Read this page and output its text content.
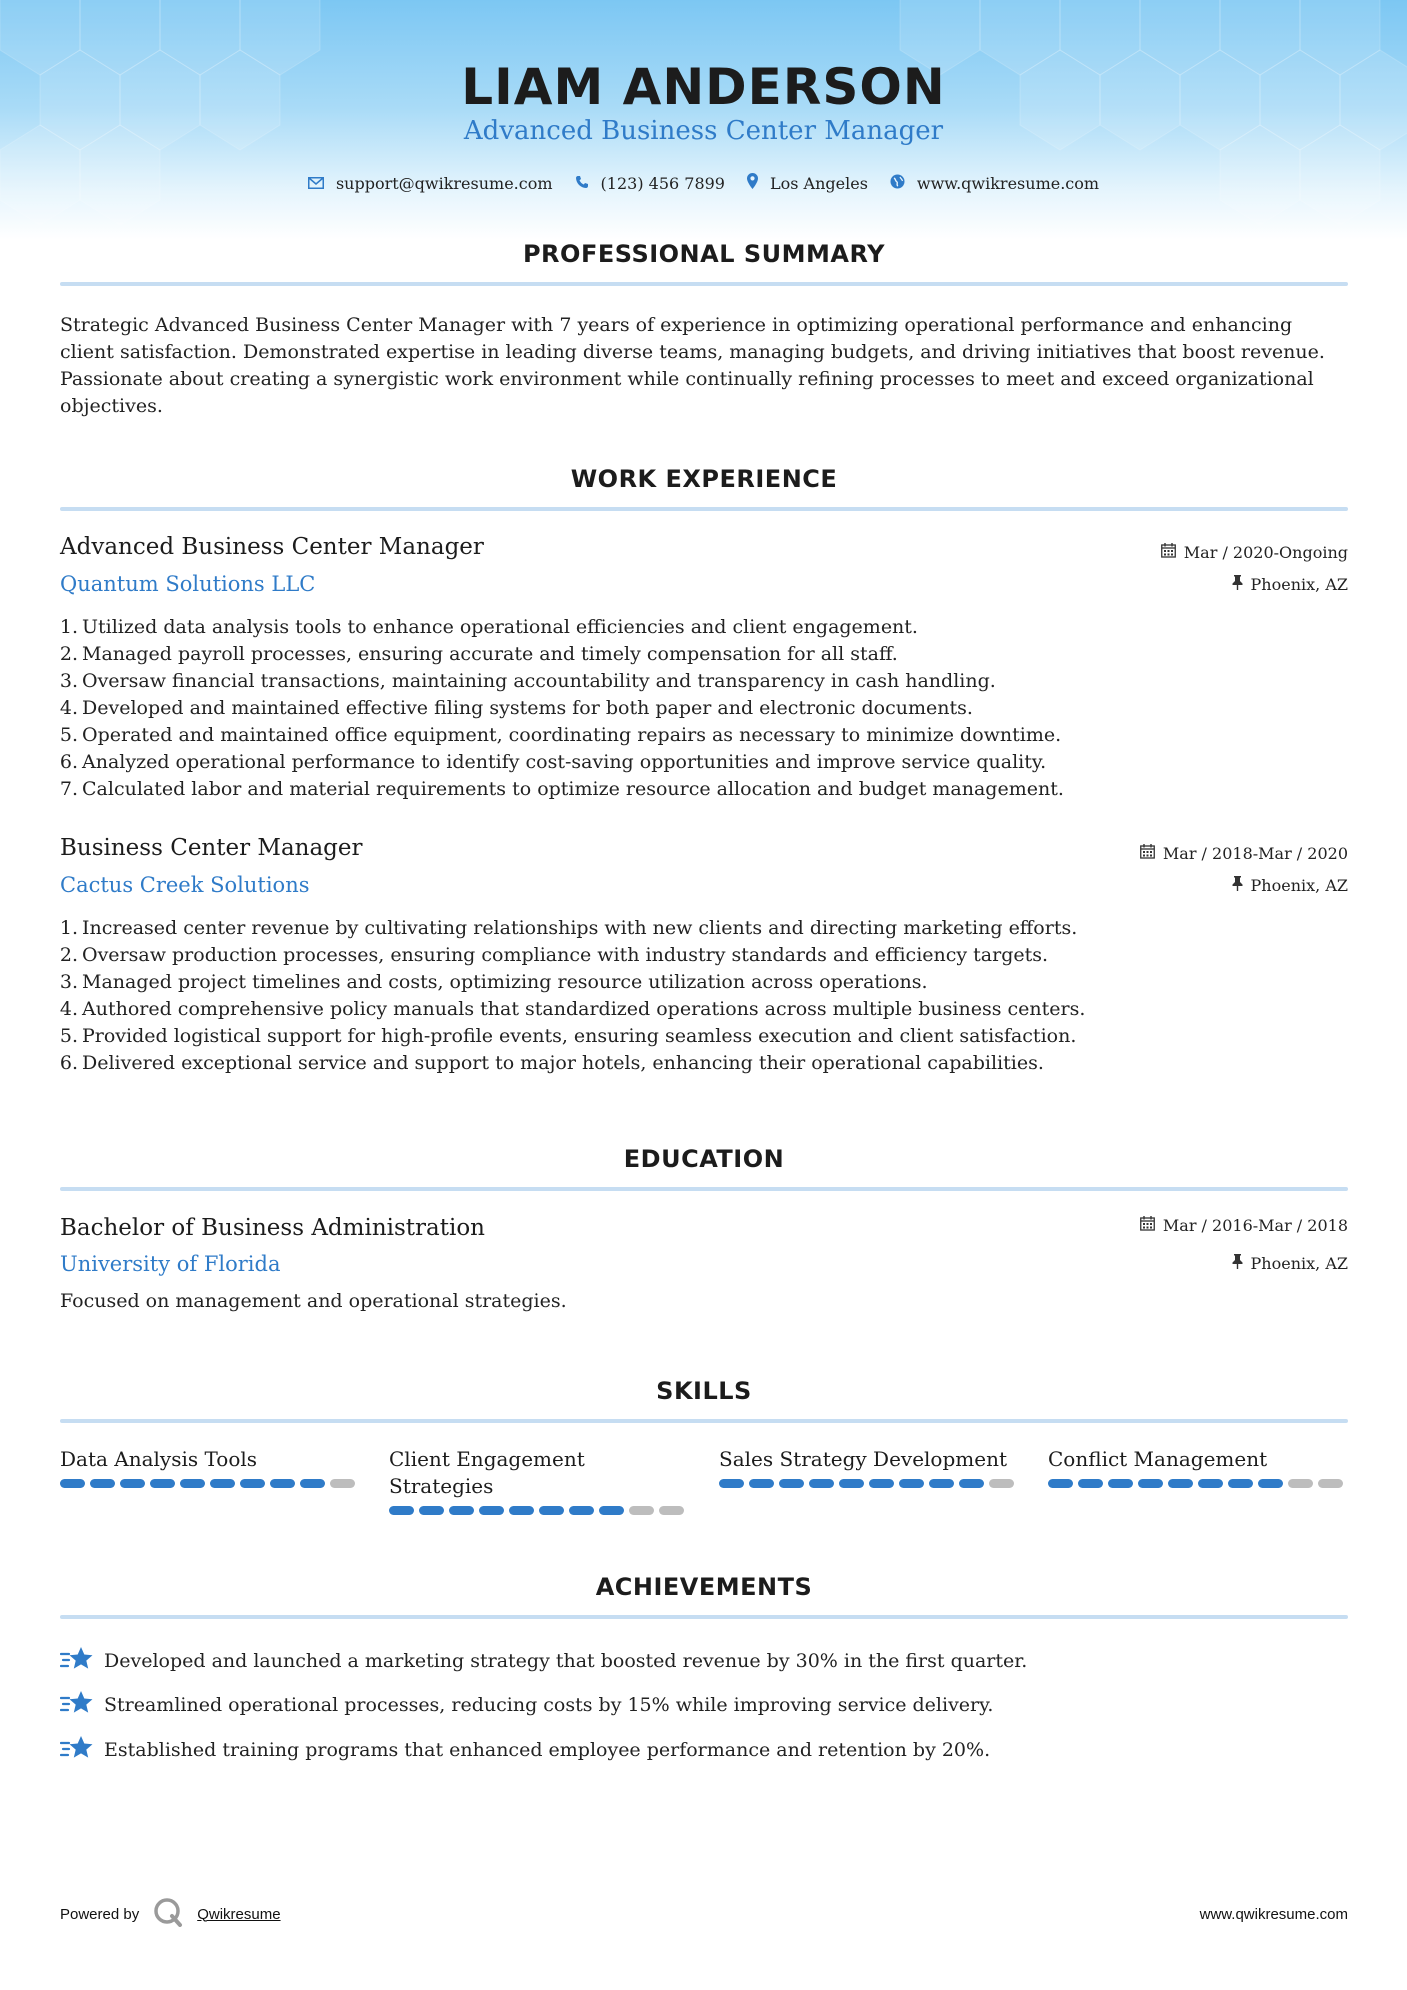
LIAM ANDERSON
Advanced Business Center Manager
support@qwikresume.com	(123) 456 7899	Los Angeles	www.qwikresume.com
PROFESSIONAL SUMMARY
Strategic Advanced Business Center Manager with 7 years of experience in optimizing operational performance and enhancing client satisfaction. Demonstrated expertise in leading diverse teams, managing budgets, and driving initiatives that boost revenue. Passionate about creating a synergistic work environment while continually refining processes to meet and exceed organizational objectives.
WORK EXPERIENCE
Advanced Business Center Manager
Quantum Solutions LLC
Mar / 2020-Ongoing
Phoenix, AZ
1. Utilized data analysis tools to enhance operational efficiencies and client engagement.
2. Managed payroll processes, ensuring accurate and timely compensation for all staff.
3. Oversaw financial transactions, maintaining accountability and transparency in cash handling.
4. Developed and maintained effective filing systems for both paper and electronic documents.
5. Operated and maintained office equipment, coordinating repairs as necessary to minimize downtime.
6. Analyzed operational performance to identify cost-saving opportunities and improve service quality.
7. Calculated labor and material requirements to optimize resource allocation and budget management.
Business Center Manager
Cactus Creek Solutions
Mar / 2018-Mar / 2020
Phoenix, AZ
1. Increased center revenue by cultivating relationships with new clients and directing marketing efforts.
2. Oversaw production processes, ensuring compliance with industry standards and efficiency targets.
3. Managed project timelines and costs, optimizing resource utilization across operations.
4. Authored comprehensive policy manuals that standardized operations across multiple business centers.
5. Provided logistical support for high-profile events, ensuring seamless execution and client satisfaction.
6. Delivered exceptional service and support to major hotels, enhancing their operational capabilities.
EDUCATION
Bachelor of Business Administration
University of Florida
Mar / 2016-Mar / 2018
Phoenix, AZ
Focused on management and operational strategies.
SKILLS
Data Analysis Tools	Client Engagement Strategies
Sales Strategy Development	Conflict Management
ACHIEVEMENTS
Developed and launched a marketing strategy that boosted revenue by 30% in the first quarter.
Streamlined operational processes, reducing costs by 15% while improving service delivery.
Established training programs that enhanced employee performance and retention by 20%.
Powered by	Qwikresume	www.qwikresume.com
